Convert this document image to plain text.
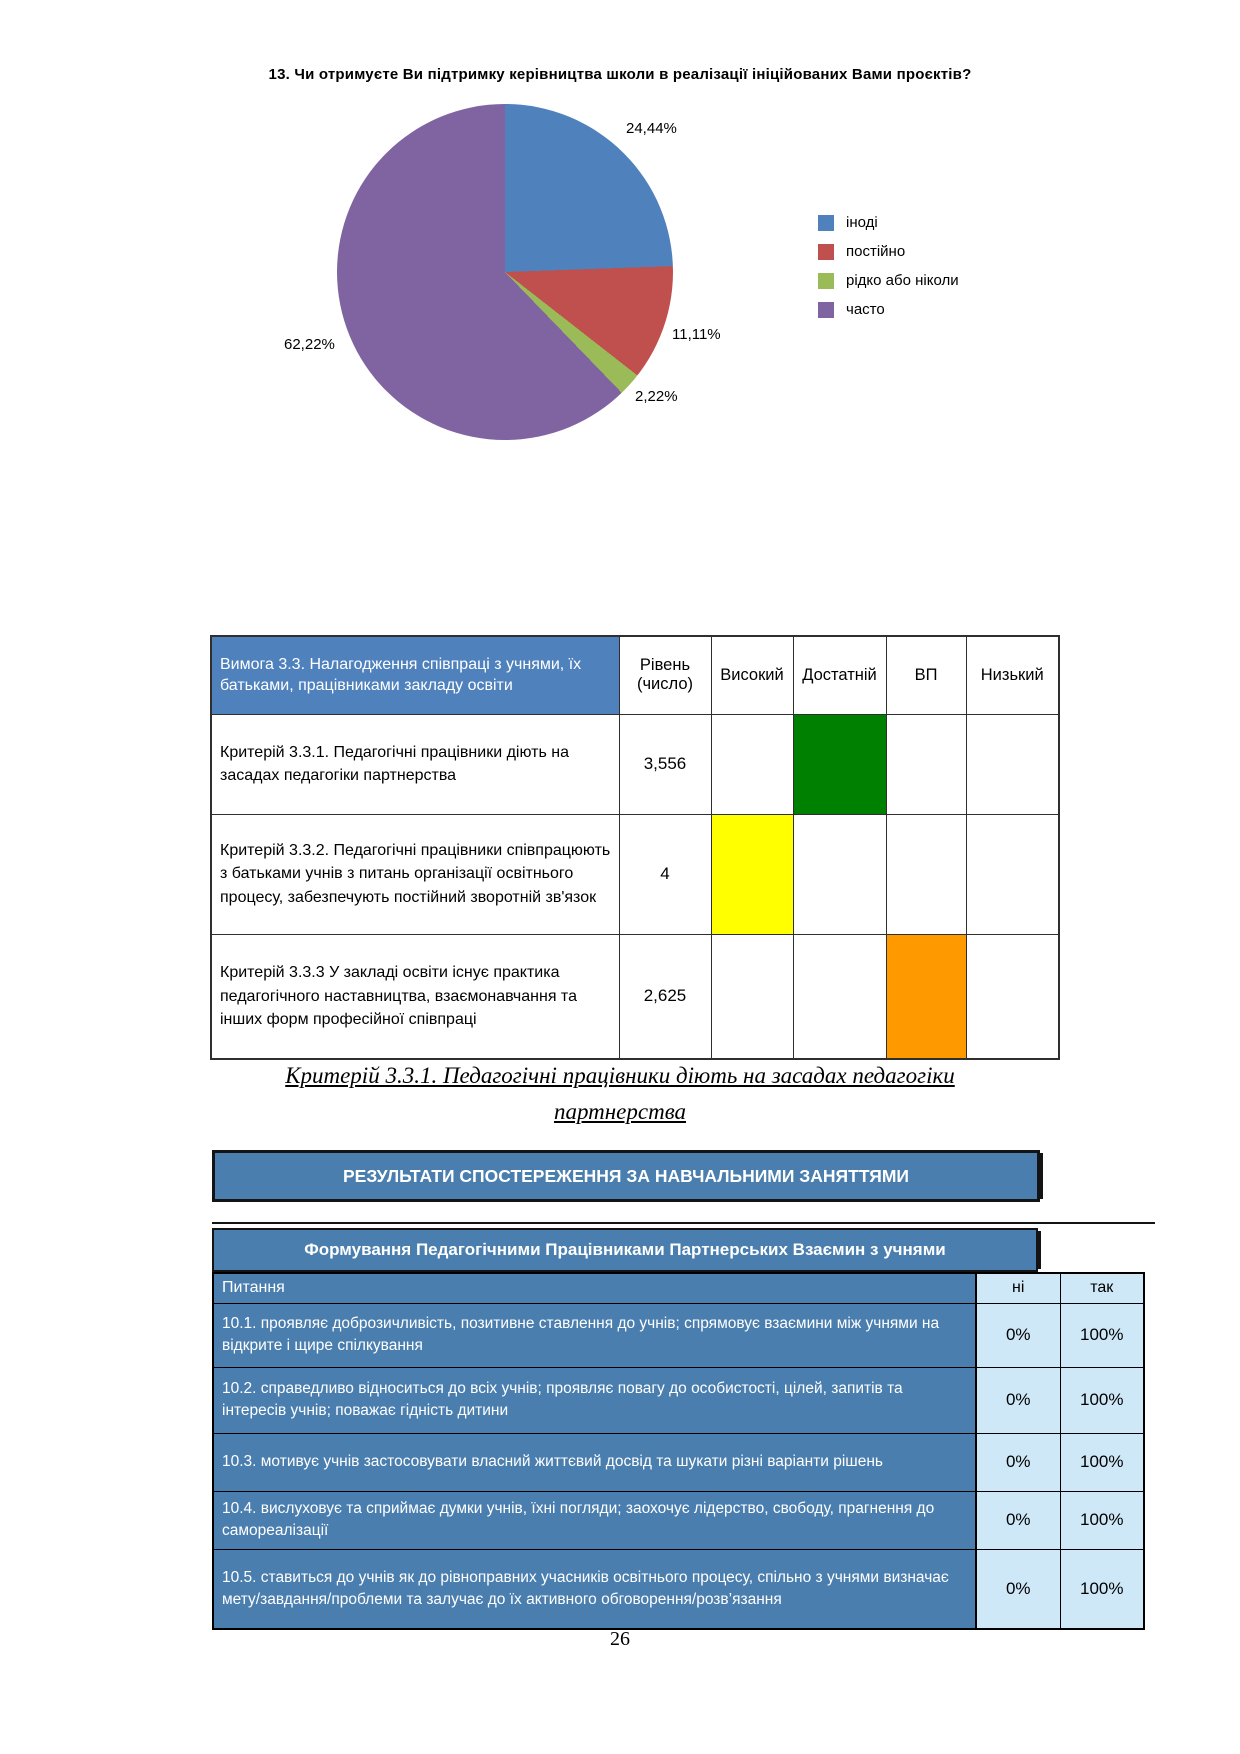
13. Чи отримуєте Ви підтримку керівництва школи в реалізації ініційованих Вами проєктів?
24,44%
11,11%
2,22%
62,22%
іноді
постійно
рідко або ніколи
часто
Вимога 3.3. Налагодження співпраці з учнями, їх батьками, працівниками закладу освіти	Рівень (число)	Високий	Достатній	ВП	Низький
Критерій 3.3.1. Педагогічні працівники діють на засадах педагогіки партнерства	3,556				
Критерій 3.3.2. Педагогічні працівники співпрацюють з батьками учнів з питань організації освітнього процесу, забезпечують постійний зворотній зв'язок	4				
Критерій 3.3.3 У закладі освіти існує практика педагогічного наставництва, взаємонавчання та інших форм професійної співпраці	2,625				
Критерій 3.3.1. Педагогічні працівники діють на засадах педагогіки партнерства
РЕЗУЛЬТАТИ СПОСТЕРЕЖЕННЯ ЗА НАВЧАЛЬНИМИ ЗАНЯТТЯМИ
Формування Педагогічними Працівниками Партнерських Взаємин з учнями
Питання	ні	так
10.1. проявляє доброзичливість, позитивне ставлення до учнів; спрямовує взаємини між учнями на відкрите і щире спілкування	0%	100%
10.2. справедливо відноситься до всіх учнів; проявляє повагу до особистості, цілей, запитів та інтересів учнів; поважає гідність дитини	0%	100%
10.3. мотивує учнів застосовувати власний життєвий досвід та шукати різні варіанти рішень	0%	100%
10.4. вислуховує та сприймає думки учнів, їхні погляди; заохочує лідерство, свободу, прагнення до самореалізації	0%	100%
10.5. ставиться до учнів як до рівноправних учасників освітнього процесу, спільно з учнями визначає мету/завдання/проблеми та залучає до їх активного обговорення/розв’язання	0%	100%
26
